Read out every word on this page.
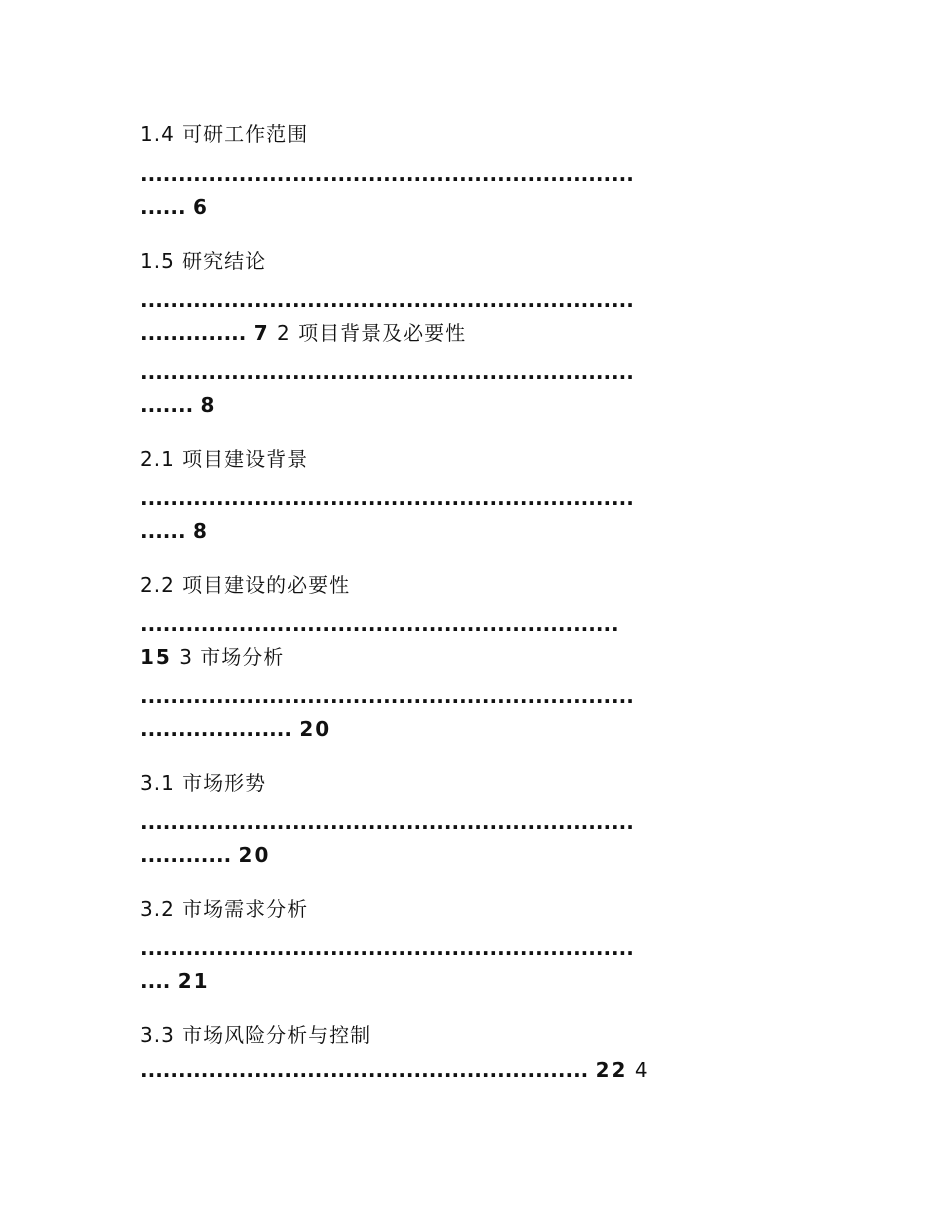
1.4 可研工作范围
.................................................................
...... 6
1.5 研究结论
.................................................................
.............. 7 2 项目背景及必要性
.................................................................
....... 8
2.1 项目建设背景
.................................................................
...... 8
2.2 项目建设的必要性
...............................................................
15 3 市场分析
.................................................................
.................... 20
3.1 市场形势
.................................................................
............ 20
3.2 市场需求分析
.................................................................
.... 21
3.3 市场风险分析与控制
........................................................... 22 4
